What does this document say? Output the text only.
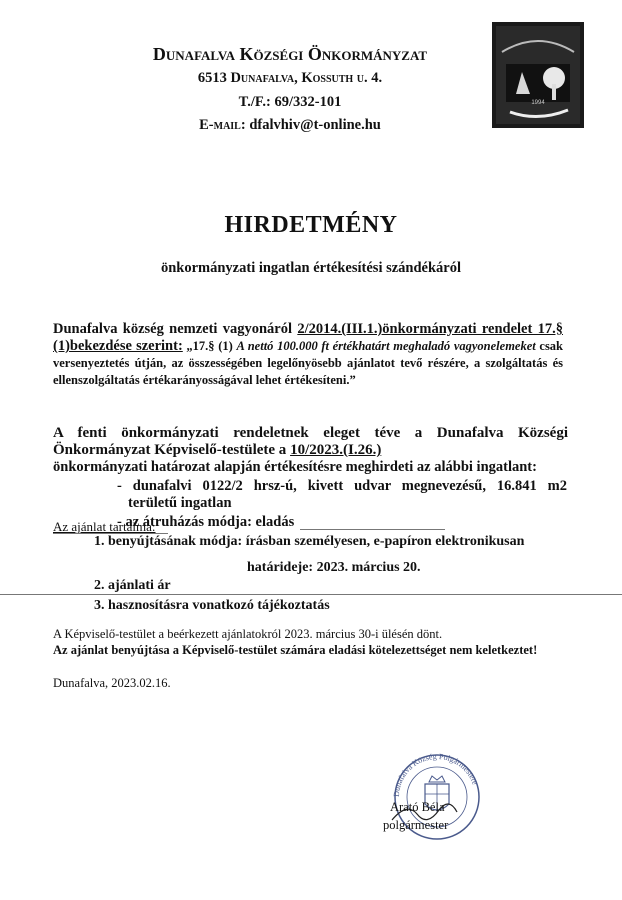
Dunafalva Községi Önkormányzat
6513 Dunafalva, Kossuth u. 4.
T./F.: 69/332-101
E-mail: dfalvhiv@t-online.hu
1994
HIRDETMÉNY
önkormányzati ingatlan értékesítési szándékáról
Dunafalva község nemzeti vagyonáról 2/2014.(III.1.)önkormányzati rendelet 17.§ (1)bekezdése szerint: „17.§ (1) A nettó 100.000 ft értékhatárt meghaladó vagyonelemeket csak versenyeztetés útján, az összességében legelőnyösebb ajánlatot tevő részére, a szolgáltatás és ellenszolgáltatás értékarányosságával lehet értékesíteni.”
A fenti önkormányzati rendeletnek eleget téve a Dunafalva Községi
Önkormányzat Képviselő-testülete a 10/2023.(I.26.)
önkormányzati határozat alapján értékesítésre meghirdeti az alábbi ingatlant:
- dunafalvi 0122/2 hrsz-ú, kivett udvar megnevezésű, 16.841 m2
területű ingatlan
- az átruházás módja: eladás
Az ajánlat tartalma:
1. benyújtásának módja: írásban személyesen, e-papíron elektronikusan
határideje: 2023. március 20.
2. ajánlati ár
3. hasznosításra vonatkozó tájékoztatás
A Képviselő-testület a beérkezett ajánlatokról 2023. március 30-i ülésén dönt.
Az ajánlat benyújtása a Képviselő-testület számára eladási kötelezettséget nem keletkeztet!
Dunafalva, 2023.02.16.
Dunafalva Község Polgármestere
Arató Béla
polgármester
